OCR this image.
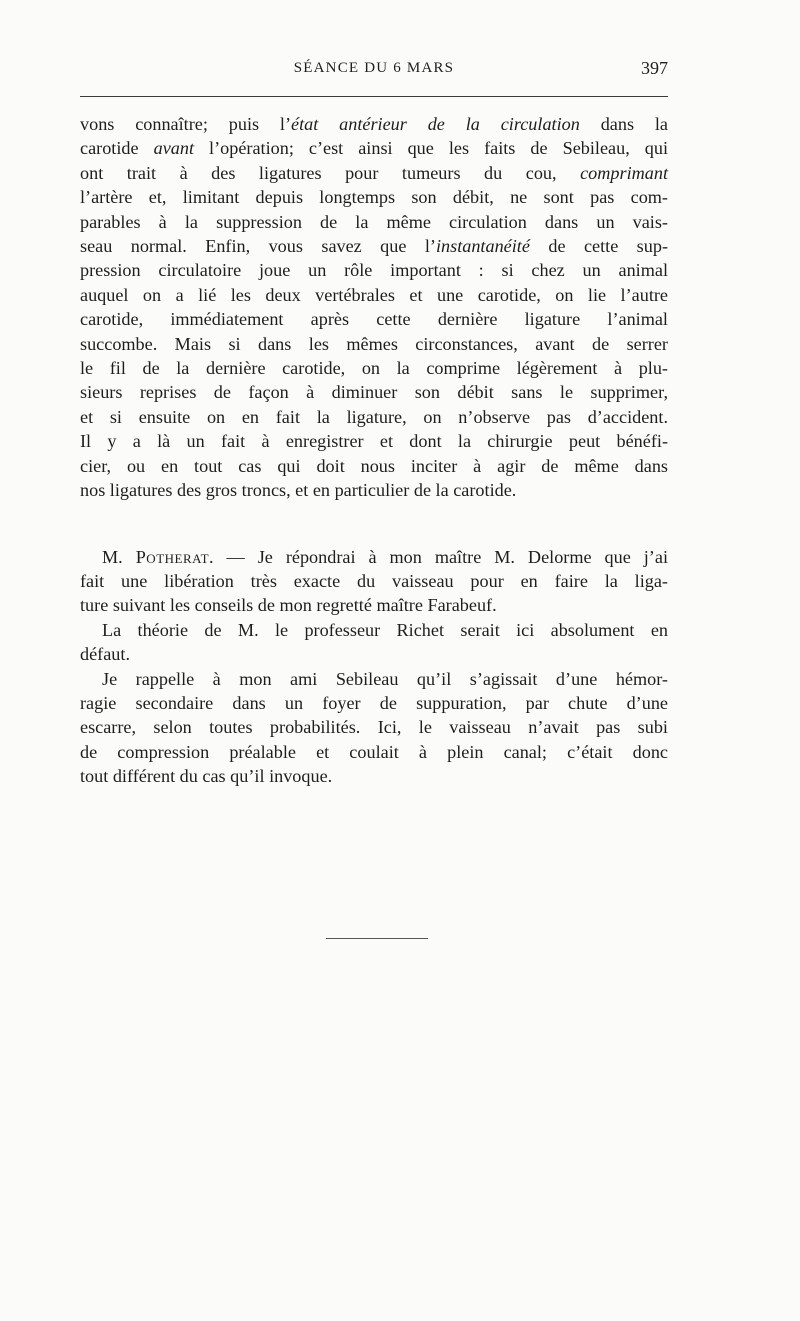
SÉANCE DU 6 MARS	397
vons connaître; puis l’état antérieur de la circulation dans la
carotide avant l’opération; c’est ainsi que les faits de Sebileau, qui
ont trait à des ligatures pour tumeurs du cou, comprimant
l’artère et, limitant depuis longtemps son débit, ne sont pas com-
parables à la suppression de la même circulation dans un vais-
seau normal. Enfin, vous savez que l’instantanéité de cette sup-
pression circulatoire joue un rôle important : si chez un animal
auquel on a lié les deux vertébrales et une carotide, on lie l’autre
carotide, immédiatement après cette dernière ligature l’animal
succombe. Mais si dans les mêmes circonstances, avant de serrer
le fil de la dernière carotide, on la comprime légèrement à plu-
sieurs reprises de façon à diminuer son débit sans le supprimer,
et si ensuite on en fait la ligature, on n’observe pas d’accident.
Il y a là un fait à enregistrer et dont la chirurgie peut bénéfi-
cier, ou en tout cas qui doit nous inciter à agir de même dans
nos ligatures des gros troncs, et en particulier de la carotide.
M. Potherat. — Je répondrai à mon maître M. Delorme que j’ai
fait une libération très exacte du vaisseau pour en faire la liga-
ture suivant les conseils de mon regretté maître Farabeuf.
La théorie de M. le professeur Richet serait ici absolument en
défaut.
Je rappelle à mon ami Sebileau qu’il s’agissait d’une hémor-
ragie secondaire dans un foyer de suppuration, par chute d’une
escarre, selon toutes probabilités. Ici, le vaisseau n’avait pas subi
de compression préalable et coulait à plein canal; c’était donc
tout différent du cas qu’il invoque.
